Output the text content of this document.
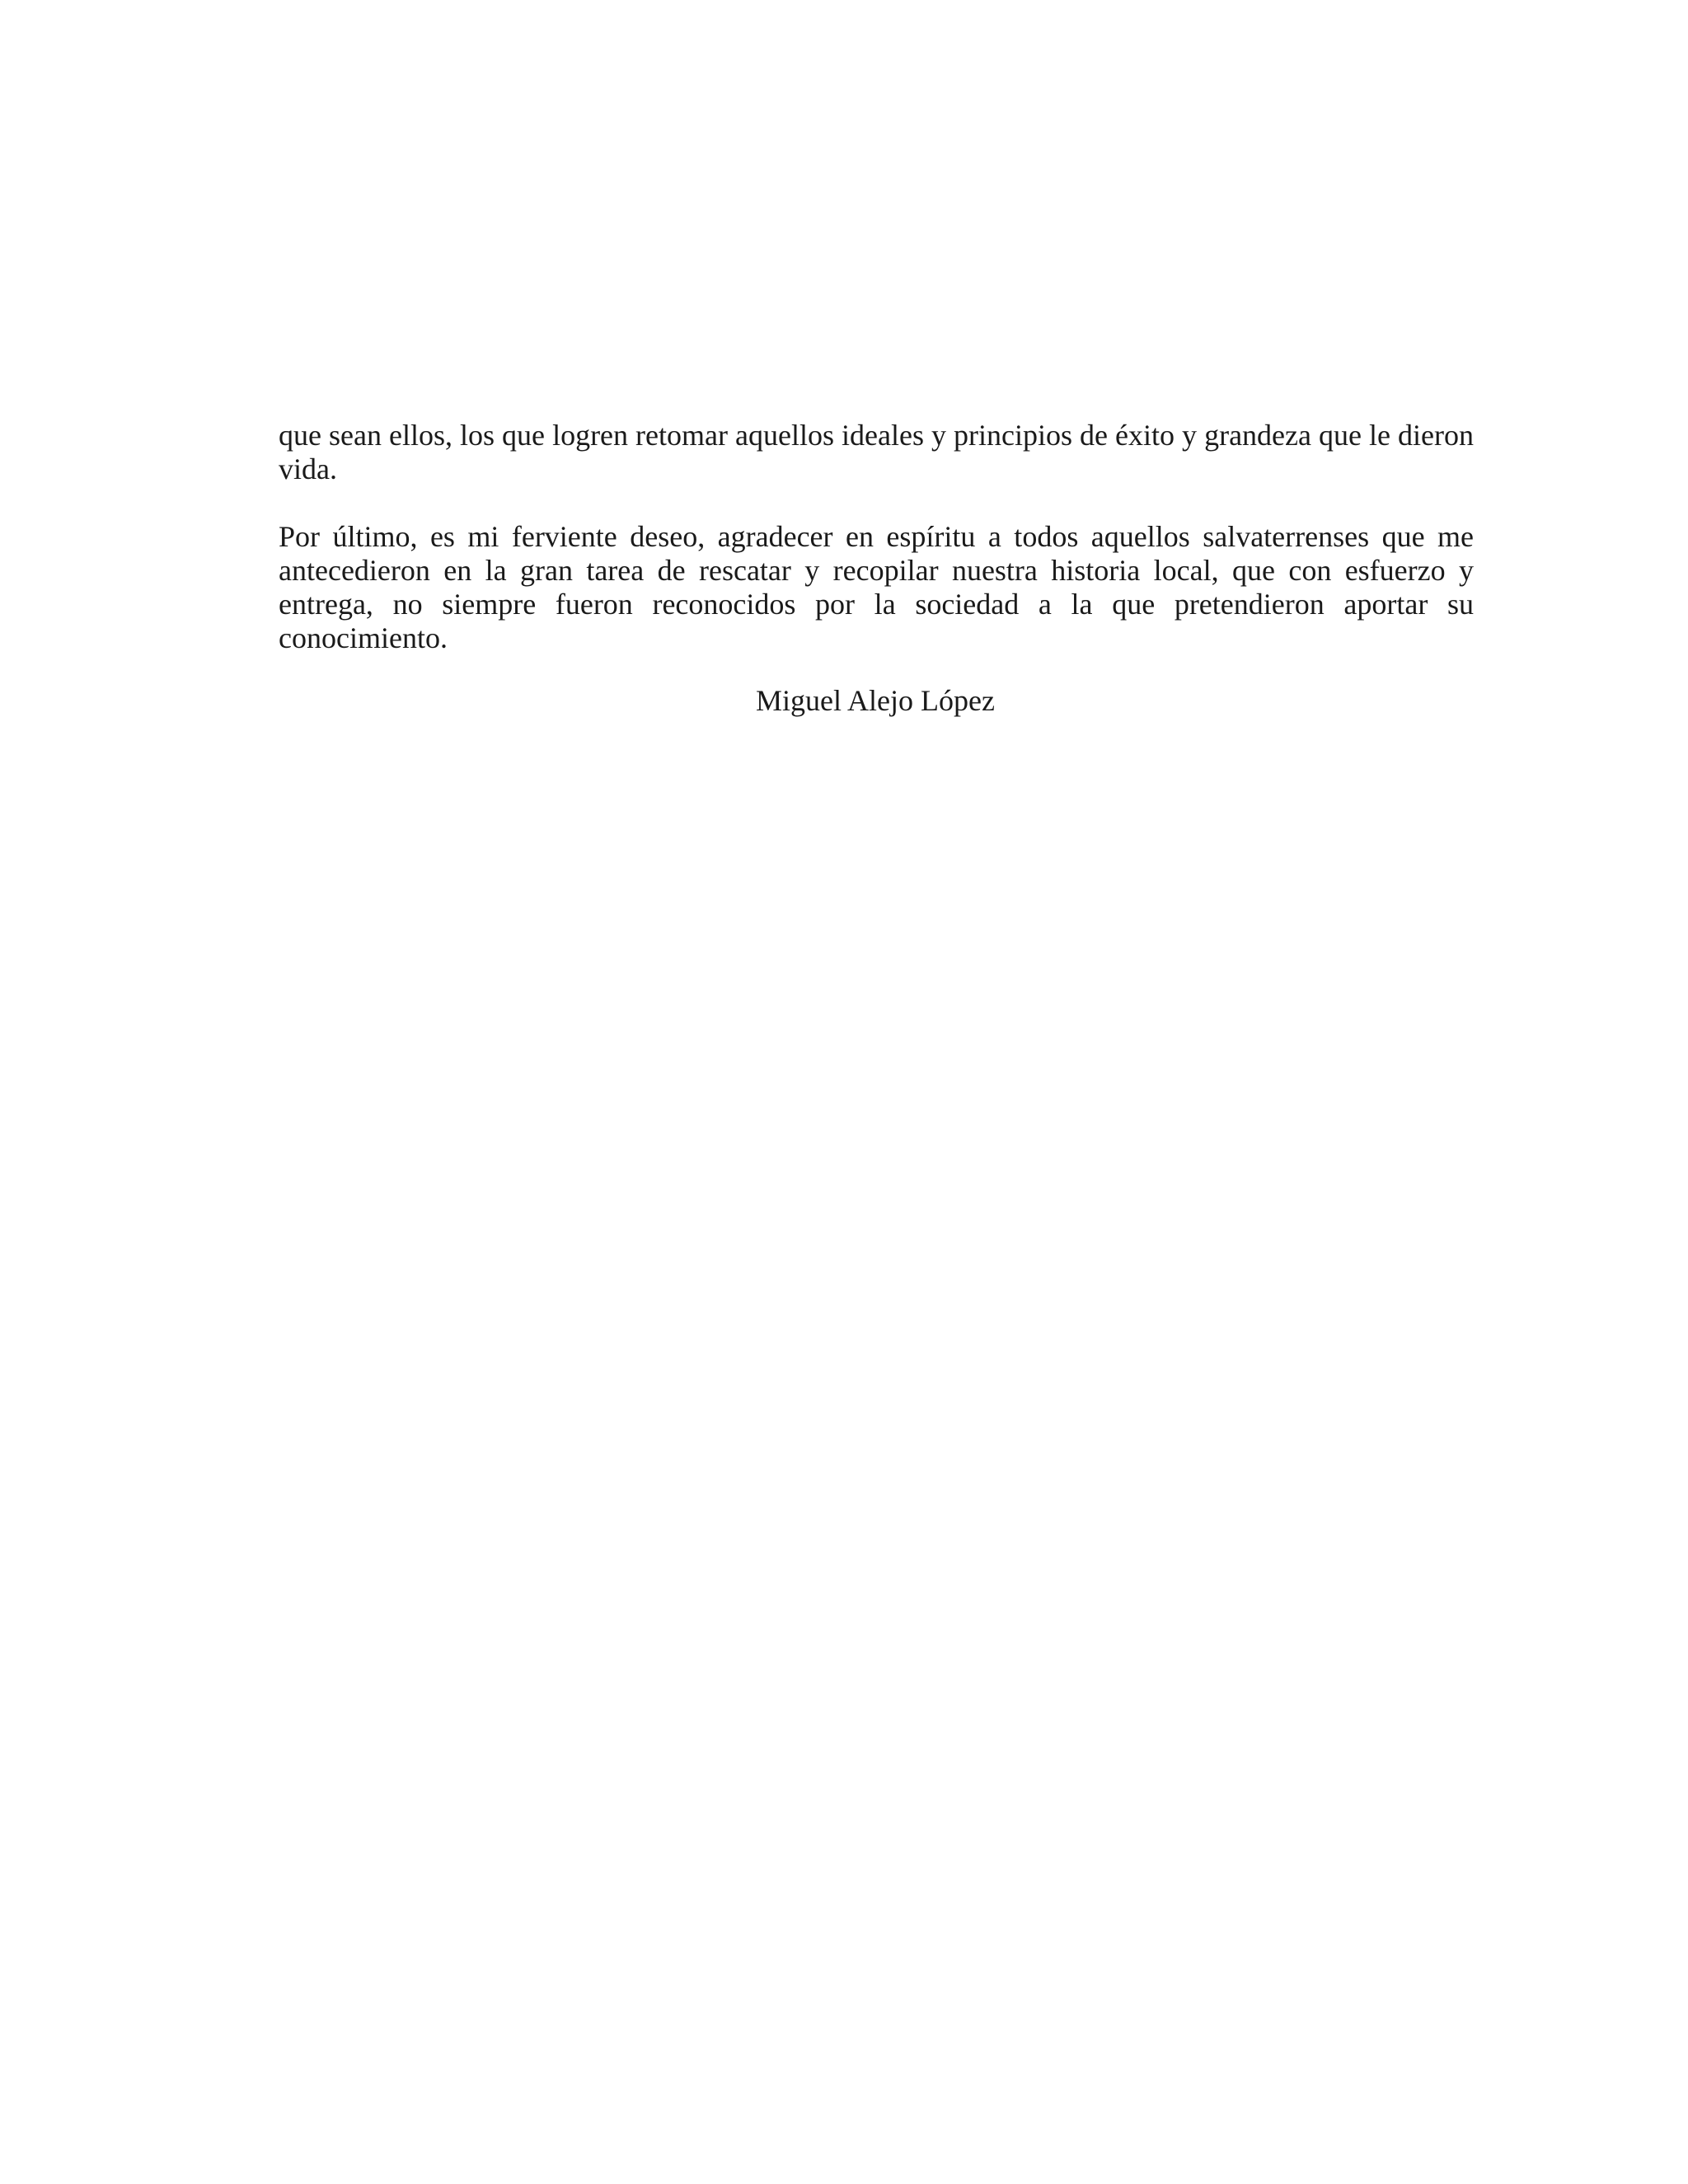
que sean ellos, los que logren retomar aquellos ideales y principios de éxito y grandeza que le dieron vida.

Por último, es mi ferviente deseo, agradecer en espíritu a todos aquellos salvaterrenses que me antecedieron en la gran tarea de rescatar y recopilar nuestra historia local, que con esfuerzo y entrega, no siempre fueron reconocidos por la sociedad a la que pretendieron aportar su conocimiento.

Miguel Alejo López
